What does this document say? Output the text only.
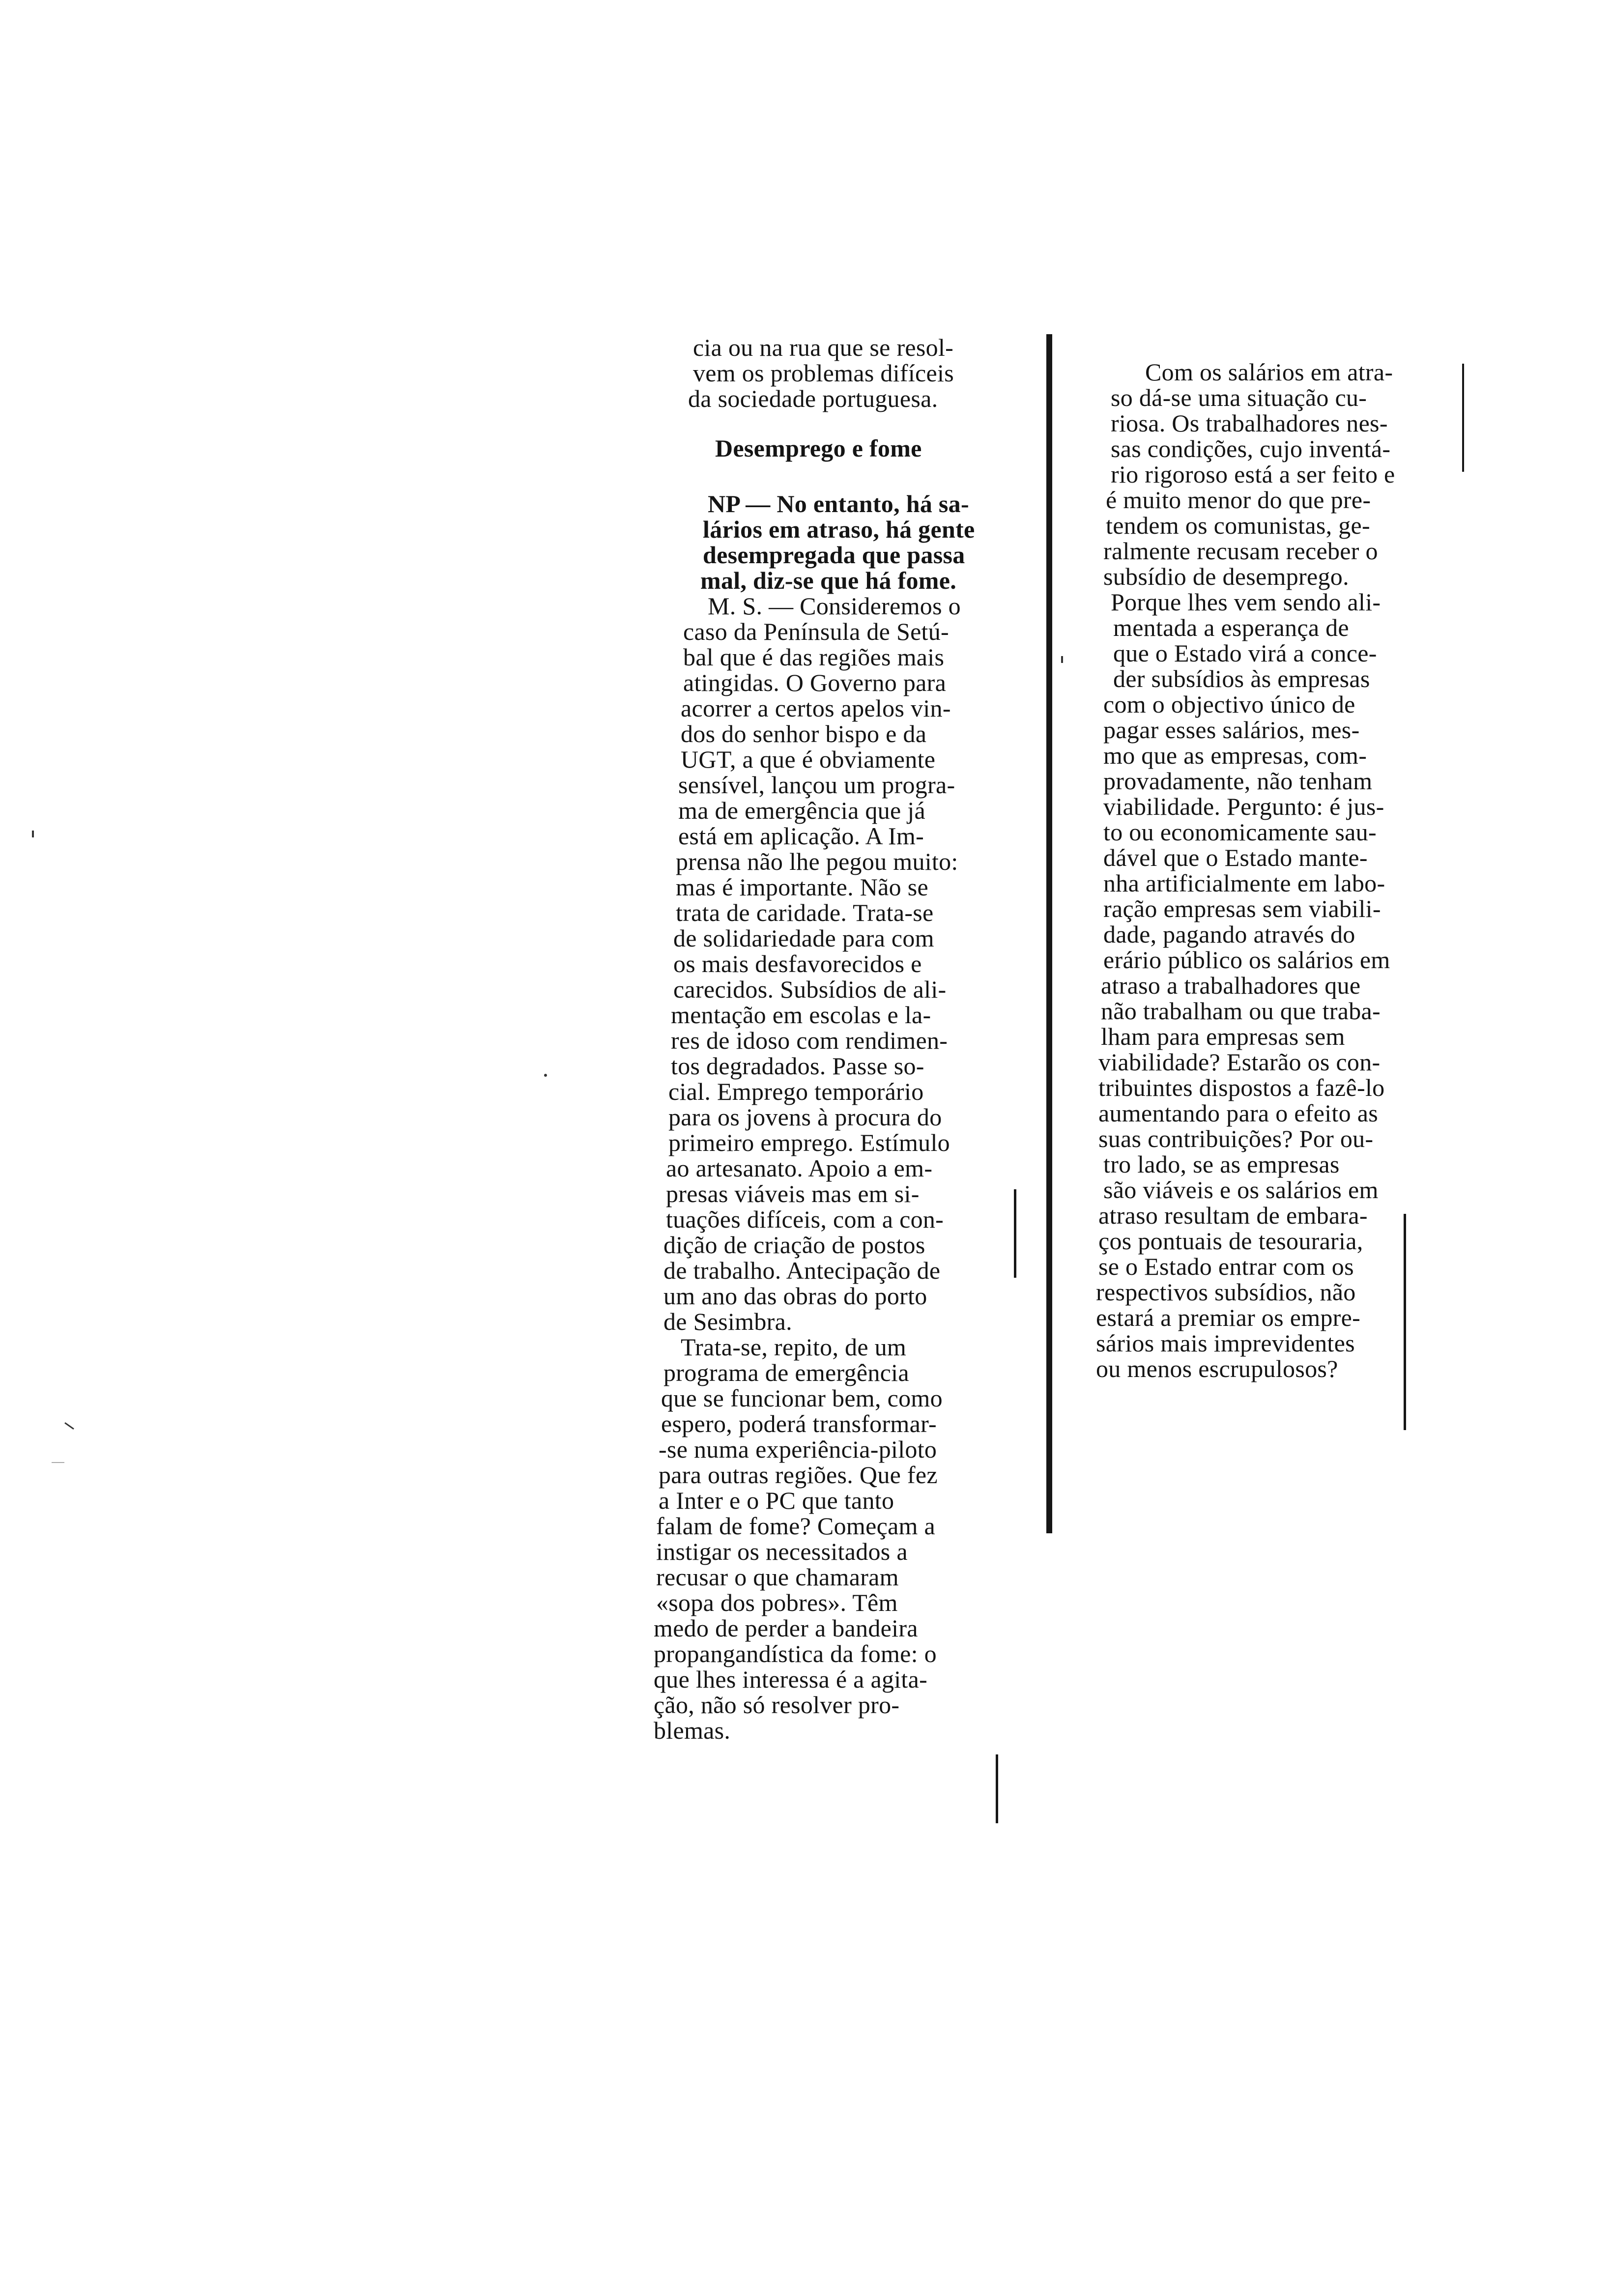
cia ou na rua que se resol-
vem os problemas difíceis
da sociedade portuguesa.
Desemprego e fome
NP — No entanto, há sa-
lários em atraso, há gente
desempregada que passa
mal, diz-se que há fome.
M. S. — Consideremos o
caso da Península de Setú-
bal que é das regiões mais
atingidas. O Governo para
acorrer a certos apelos vin-
dos do senhor bispo e da
UGT, a que é obviamente
sensível, lançou um progra-
ma de emergência que já
está em aplicação. A Im-
prensa não lhe pegou muito:
mas é importante. Não se
trata de caridade. Trata-se
de solidariedade para com
os mais desfavorecidos e
carecidos. Subsídios de ali-
mentação em escolas e la-
res de idoso com rendimen-
tos degradados. Passe so-
cial. Emprego temporário
para os jovens à procura do
primeiro emprego. Estímulo
ao artesanato. Apoio a em-
presas viáveis mas em si-
tuações difíceis, com a con-
dição de criação de postos
de trabalho. Antecipação de
um ano das obras do porto
de Sesimbra.
Trata-se, repito, de um
programa de emergência
que se funcionar bem, como
espero, poderá transformar-
-se numa experiência-piloto
para outras regiões. Que fez
a Inter e o PC que tanto
falam de fome? Começam a
instigar os necessitados a
recusar o que chamaram
«sopa dos pobres». Têm
medo de perder a bandeira
propangandística da fome: o
que lhes interessa é a agita-
ção, não só resolver pro-
blemas.
Com os salários em atra-
so dá-se uma situação cu-
riosa. Os trabalhadores nes-
sas condições, cujo inventá-
rio rigoroso está a ser feito e
é muito menor do que pre-
tendem os comunistas, ge-
ralmente recusam receber o
subsídio de desemprego.
Porque lhes vem sendo ali-
mentada a esperança de
que o Estado virá a conce-
der subsídios às empresas
com o objectivo único de
pagar esses salários, mes-
mo que as empresas, com-
provadamente, não tenham
viabilidade. Pergunto: é jus-
to ou economicamente sau-
dável que o Estado mante-
nha artificialmente em labo-
ração empresas sem viabili-
dade, pagando através do
erário público os salários em
atraso a trabalhadores que
não trabalham ou que traba-
lham para empresas sem
viabilidade? Estarão os con-
tribuintes dispostos a fazê-lo
aumentando para o efeito as
suas contribuições? Por ou-
tro lado, se as empresas
são viáveis e os salários em
atraso resultam de embara-
ços pontuais de tesouraria,
se o Estado entrar com os
respectivos subsídios, não
estará a premiar os empre-
sários mais imprevidentes
ou menos escrupulosos?
